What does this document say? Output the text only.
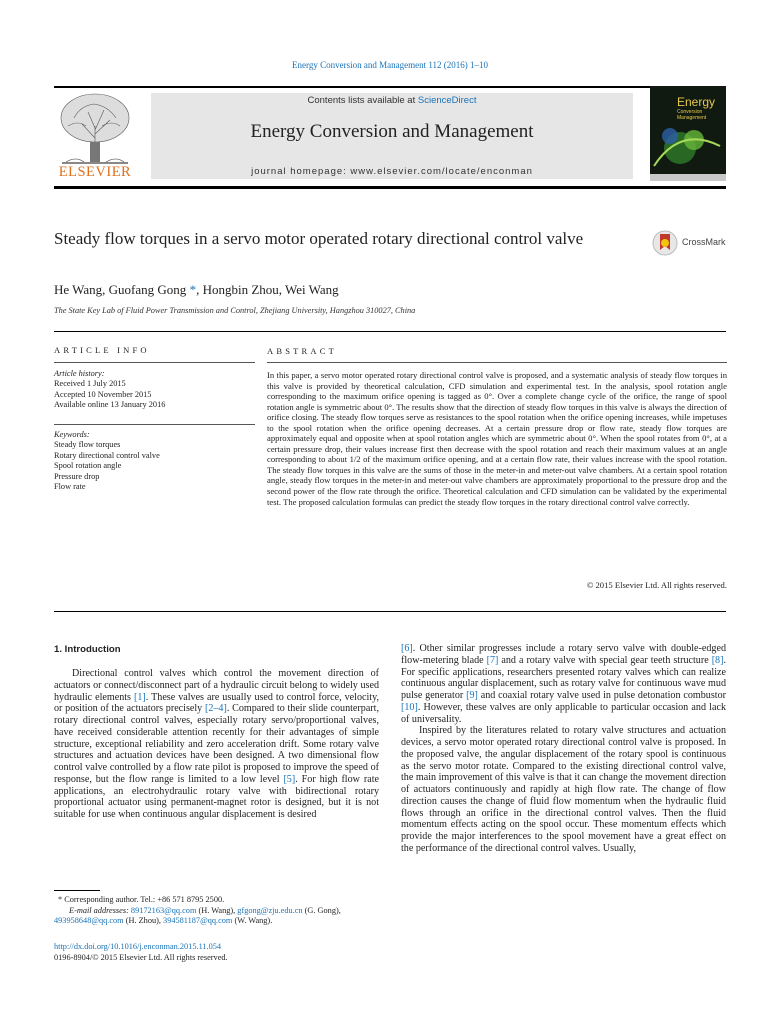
Energy Conversion and Management 112 (2016) 1–10
ELSEVIER
Contents lists available at ScienceDirect
Energy Conversion and Management
journal homepage: www.elsevier.com/locate/enconman
Energy
Conversion
Management
Steady flow torques in a servo motor operated rotary directional control valve	CrossMark
He Wang, Guofang Gong *, Hongbin Zhou, Wei Wang
The State Key Lab of Fluid Power Transmission and Control, Zhejiang University, Hangzhou 310027, China
ARTICLE INFO
Article history:
Received 1 July 2015
Accepted 10 November 2015
Available online 13 January 2016
Keywords:
Steady flow torques
Rotary directional control valve
Spool rotation angle
Pressure drop
Flow rate
ABSTRACT
In this paper, a servo motor operated rotary directional control valve is proposed, and a systematic analysis of steady flow torques in this valve is provided by theoretical calculation, CFD simulation and experimental test. In the analysis, spool rotation angle corresponding to the maximum orifice opening is tagged as 0°. Over a complete change cycle of the orifice, the range of spool rotation angle is symmetric about 0°. The results show that the direction of steady flow torques in this valve is always the direction of orifice closing. The steady flow torques serve as resistances to the spool rotation when the orifice opening increases, while impetuses to the spool rotation when the orifice opening decreases. At a certain pressure drop or flow rate, steady flow torques are approximately equal and opposite when at spool rotation angles which are symmetric about 0°. When the spool rotates from 0°, at a certain pressure drop, their values increase first then decrease with the spool rotation and reach their maximum values at an angle corresponding to about 1/2 of the maximum orifice opening, and at a certain flow rate, their values increase with the spool rotation. The steady flow torques in this valve are the sums of those in the meter-in and meter-out valve chambers. At a certain spool rotation angle, steady flow torques in the meter-in and meter-out valve chambers are approximately proportional to the pressure drop and the second power of the flow rate through the orifice. Theoretical calculation and CFD simulation can be validated by the experimental test. The proposed calculation formulas can predict the steady flow torques in the rotary directional control valve correctly.
© 2015 Elsevier Ltd. All rights reserved.
1. Introduction

Directional control valves which control the movement direction of actuators or connect/disconnect part of a hydraulic circuit belong to widely used hydraulic elements [1]. These valves are usually used to control force, velocity, or position of the actuators precisely [2–4]. Compared to their slide counterpart, rotary directional control valves, especially rotary servo/proportional valves, have received considerable attention recently for their advantages of simple structure, exceptional reliability and zero acceleration drift. Some rotary valve structures and actuation devices have been designed. A two dimensional flow control valve controlled by a flow rate pilot is proposed to improve the speed of response, but the flow range is limited to a low level [5]. For high flow rate applications, an electrohydraulic rotary valve with bidirectional rotary proportional actuator using permanent-magnet rotor is designed, but it is not suitable for use when continuous angular displacement is desired

[6]. Other similar progresses include a rotary servo valve with double-edged flow-metering blade [7] and a rotary valve with special gear teeth structure [8]. For specific applications, researchers presented rotary valves which can realize continuous angular displacement, such as rotary valve for continuous wave mud pulse generator [9] and coaxial rotary valve used in pulse detonation combustor [10]. However, these valves are only applicable to particular occasion and lack of universality.

Inspired by the literatures related to rotary valve structures and actuation devices, a servo motor operated rotary directional control valve is proposed. In the proposed valve, the angular displacement of the rotary spool is continuous as the servo motor rotate. Compared to the existing directional control valve, the main improvement of this valve is that it can change the movement direction of actuators continuously and rapidly at high flow rate. The change of flow direction causes the change of fluid flow momentum when the hydraulic fluid flows through an orifice in the directional control valves. Then the fluid momentum effects acting on the spool occur. These momentum effects which provide the major interferences to the spool movement have a great effect on the performance of the directional control valves. Usually,

* Corresponding author. Tel.: +86 571 8795 2500.
E-mail addresses: 89172163@qq.com (H. Wang), gfgong@zju.edu.cn (G. Gong),
493958648@qq.com (H. Zhou), 394581187@qq.com (W. Wang).
http://dx.doi.org/10.1016/j.enconman.2015.11.054
0196-8904/© 2015 Elsevier Ltd. All rights reserved.
